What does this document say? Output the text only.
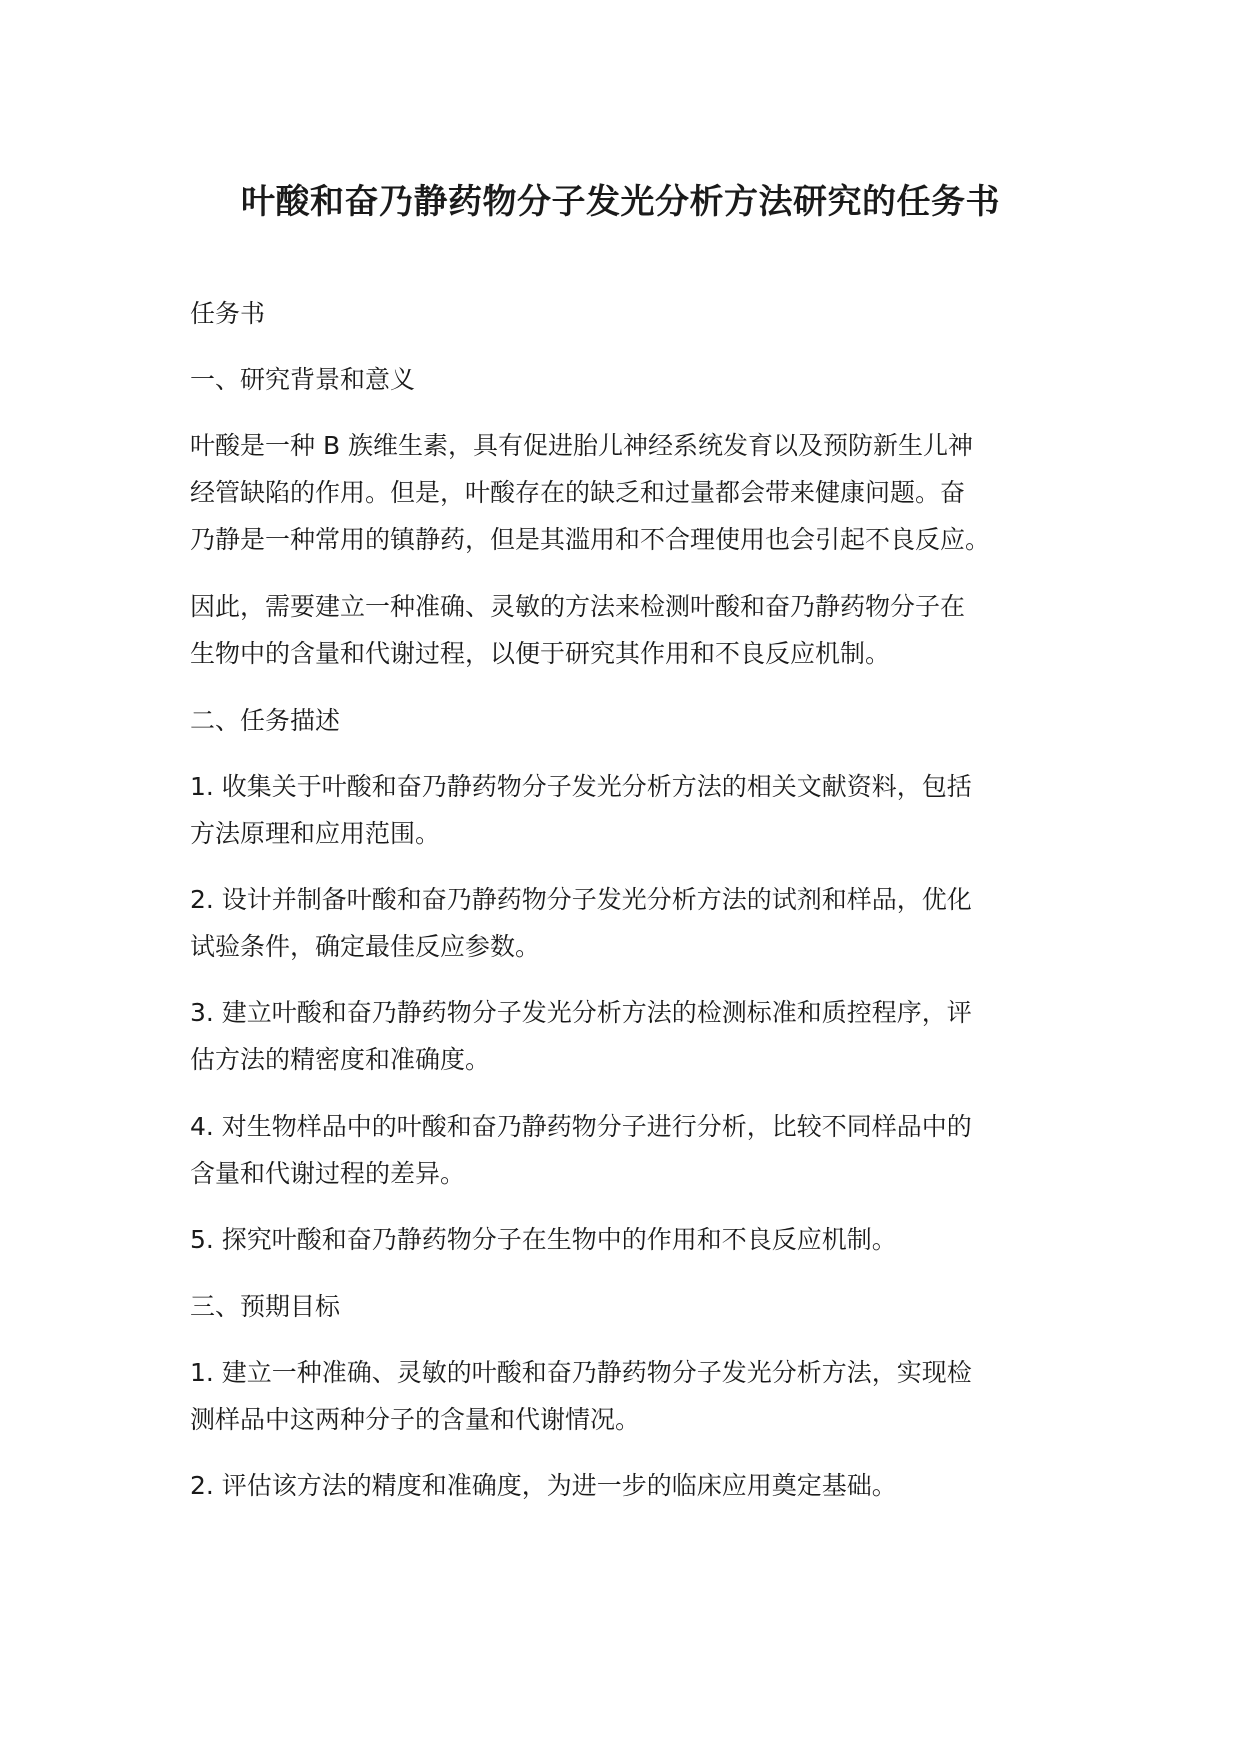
叶酸和奋乃静药物分子发光分析方法研究的任务书
任务书
一、研究背景和意义
叶酸是一种 B 族维生素，具有促进胎儿神经系统发育以及预防新生儿神
经管缺陷的作用。但是，叶酸存在的缺乏和过量都会带来健康问题。奋
乃静是一种常用的镇静药，但是其滥用和不合理使用也会引起不良反应。
因此，需要建立一种准确、灵敏的方法来检测叶酸和奋乃静药物分子在
生物中的含量和代谢过程，以便于研究其作用和不良反应机制。
二、任务描述
1. 收集关于叶酸和奋乃静药物分子发光分析方法的相关文献资料，包括
方法原理和应用范围。
2. 设计并制备叶酸和奋乃静药物分子发光分析方法的试剂和样品，优化
试验条件，确定最佳反应参数。
3. 建立叶酸和奋乃静药物分子发光分析方法的检测标准和质控程序，评
估方法的精密度和准确度。
4. 对生物样品中的叶酸和奋乃静药物分子进行分析，比较不同样品中的
含量和代谢过程的差异。
5. 探究叶酸和奋乃静药物分子在生物中的作用和不良反应机制。
三、预期目标
1. 建立一种准确、灵敏的叶酸和奋乃静药物分子发光分析方法，实现检
测样品中这两种分子的含量和代谢情况。
2. 评估该方法的精度和准确度，为进一步的临床应用奠定基础。
